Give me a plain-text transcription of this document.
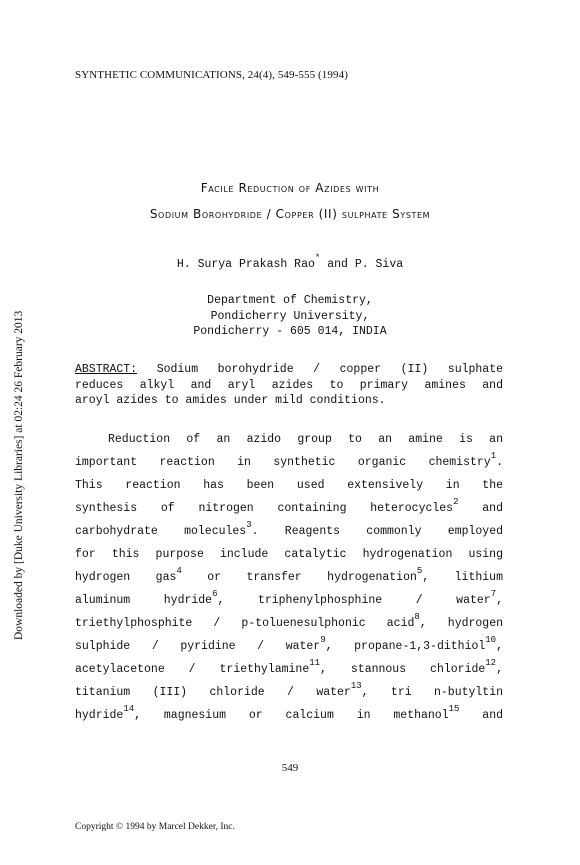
Downloaded by [Duke University Libraries] at 02:24 26 February 2013
SYNTHETIC COMMUNICATIONS, 24(4), 549-555 (1994)
Facile Reduction of Azides with
Sodium Borohydride / Copper (II) sulphate System
H. Surya Prakash Rao* and P. Siva
Department of Chemistry,
Pondicherry University,
Pondicherry - 605 014, INDIA
ABSTRACT: Sodium borohydride / copper (II) sulphate
reduces alkyl and aryl azides to primary amines and
aroyl azides to amides under mild conditions.
Reduction of an azido group to an amine is an
important reaction in synthetic organic chemistry$^1$.
This reaction has been used extensively in the
synthesis of nitrogen containing heterocycles$^2$ and
carbohydrate molecules$^3$. Reagents commonly employed
for this purpose include catalytic hydrogenation using
hydrogen gas$^4$ or transfer hydrogenation$^5$, lithium
aluminum hydride$^6$, triphenylphosphine / water$^7$,
triethylphosphite / p-toluenesulphonic acid$^8$, hydrogen
sulphide / pyridine / water$^9$, propane-1,3-dithiol$^{10}$,
acetylacetone / triethylamine$^{11}$, stannous chloride$^{12}$,
titanium (III) chloride / water$^{13}$, tri n-butyltin
hydride$^{14}$, magnesium or calcium in methanol$^{15}$ and
549
Copyright © 1994 by Marcel Dekker, Inc.
